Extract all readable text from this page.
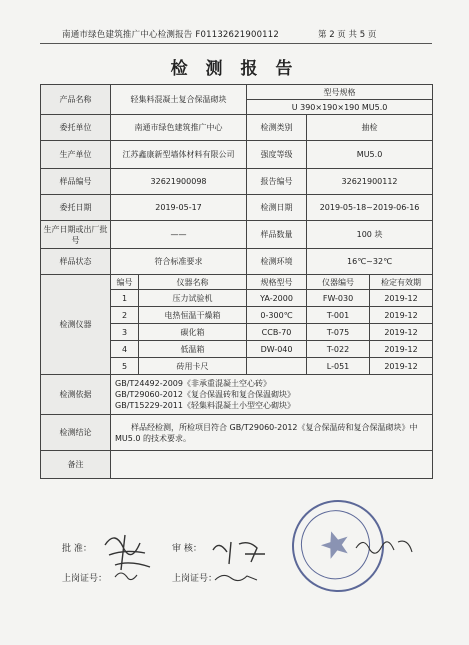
南通市绿色建筑推广中心检测报告 F01132621900112	第 2 页 共 5 页
检 测 报 告
产品名称	轻集料混凝土复合保温砌块		型号规格		
			U 390×190×190 MU5.0		
委托单位	南通市绿色建筑推广中心		检测类别	抽检	
生产单位	江苏鑫康新型墙体材料有限公司		强度等级	MU5.0	
样品编号	32621900098		报告编号	32621900112	
委托日期	2019-05-17		检测日期	2019-05-18~2019-06-16	
生产日期或出厂批号	——		样品数量	100 块	
样品状态	符合标准要求		检测环境	16℃~32℃	
检测仪器	编号	仪器名称	规格型号	仪器编号	检定有效期
	1	压力试验机	YA-2000	FW-030	2019-12
	2	电热恒温干燥箱	0-300℃	T-001	2019-12
	3	碳化箱	CCB-70	T-075	2019-12
	4	低温箱	DW-040	T-022	2019-12
	5	砖用卡尺		L-051	2019-12
检测依据	GB/T24492-2009《非承重混凝土空心砖》
GB/T29060-2012《复合保温砖和复合保温砌块》
GB/T15229-2011《轻集料混凝土小型空心砌块》				

检测结论	样品经检测，所检项目符合 GB/T29060-2012《复合保温砖和复合保温砌块》中 MU5.0 的技术要求。				
备注					
批 准：
上岗证号：
审 核：
上岗证号：
